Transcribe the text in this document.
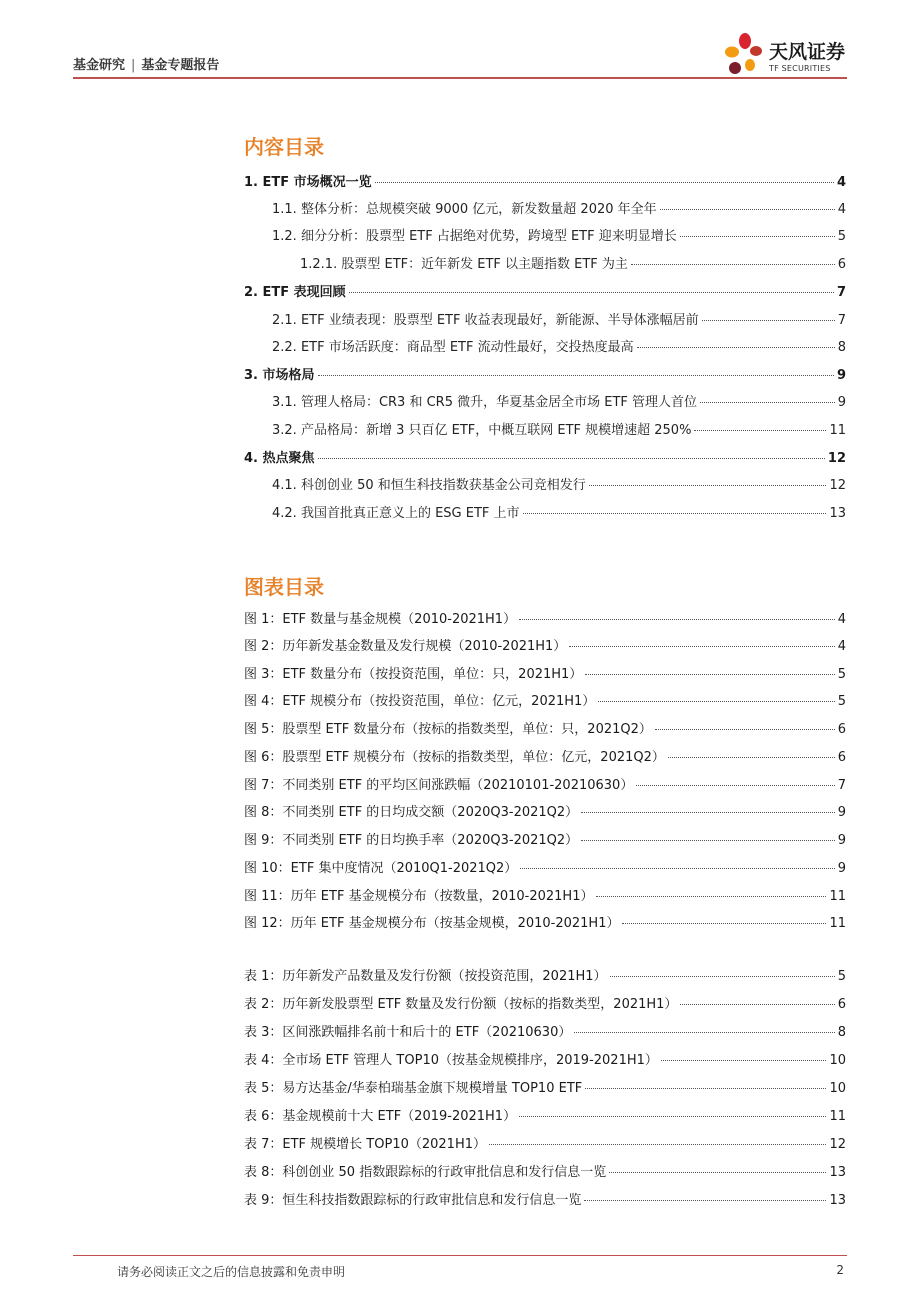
基金研究 | 基金专题报告
天风证券
TF SECURITIES
内容目录
1. ETF 市场概况一览	4
1.1. 整体分析：总规模突破 9000 亿元，新发数量超 2020 年全年	4
1.2. 细分分析：股票型 ETF 占据绝对优势，跨境型 ETF 迎来明显增长	5
1.2.1. 股票型 ETF：近年新发 ETF 以主题指数 ETF 为主	6
2. ETF 表现回顾	7
2.1. ETF 业绩表现：股票型 ETF 收益表现最好，新能源、半导体涨幅居前	7
2.2. ETF 市场活跃度：商品型 ETF 流动性最好，交投热度最高	8
3. 市场格局	9
3.1. 管理人格局：CR3 和 CR5 微升，华夏基金居全市场 ETF 管理人首位	9
3.2. 产品格局：新增 3 只百亿 ETF，中概互联网 ETF 规模增速超 250%	11
4. 热点聚焦	12
4.1. 科创创业 50 和恒生科技指数获基金公司竞相发行	12
4.2. 我国首批真正意义上的 ESG ETF 上市	13
图表目录
图 1：ETF 数量与基金规模（2010-2021H1）	4
图 2：历年新发基金数量及发行规模（2010-2021H1）	4
图 3：ETF 数量分布（按投资范围，单位：只，2021H1）	5
图 4：ETF 规模分布（按投资范围，单位：亿元，2021H1）	5
图 5：股票型 ETF 数量分布（按标的指数类型，单位：只，2021Q2）	6
图 6：股票型 ETF 规模分布（按标的指数类型，单位：亿元，2021Q2）	6
图 7：不同类别 ETF 的平均区间涨跌幅（20210101-20210630）	7
图 8：不同类别 ETF 的日均成交额（2020Q3-2021Q2）	9
图 9：不同类别 ETF 的日均换手率（2020Q3-2021Q2）	9
图 10：ETF 集中度情况（2010Q1-2021Q2）	9
图 11：历年 ETF 基金规模分布（按数量，2010-2021H1）	11
图 12：历年 ETF 基金规模分布（按基金规模，2010-2021H1）	11
表 1：历年新发产品数量及发行份额（按投资范围，2021H1）	5
表 2：历年新发股票型 ETF 数量及发行份额（按标的指数类型，2021H1）	6
表 3：区间涨跌幅排名前十和后十的 ETF（20210630）	8
表 4：全市场 ETF 管理人 TOP10（按基金规模排序，2019-2021H1）	10
表 5：易方达基金/华泰柏瑞基金旗下规模增量 TOP10 ETF	10
表 6：基金规模前十大 ETF（2019-2021H1）	11
表 7：ETF 规模增长 TOP10（2021H1）	12
表 8：科创创业 50 指数跟踪标的行政审批信息和发行信息一览	13
表 9：恒生科技指数跟踪标的行政审批信息和发行信息一览	13
请务必阅读正文之后的信息披露和免责申明	2
